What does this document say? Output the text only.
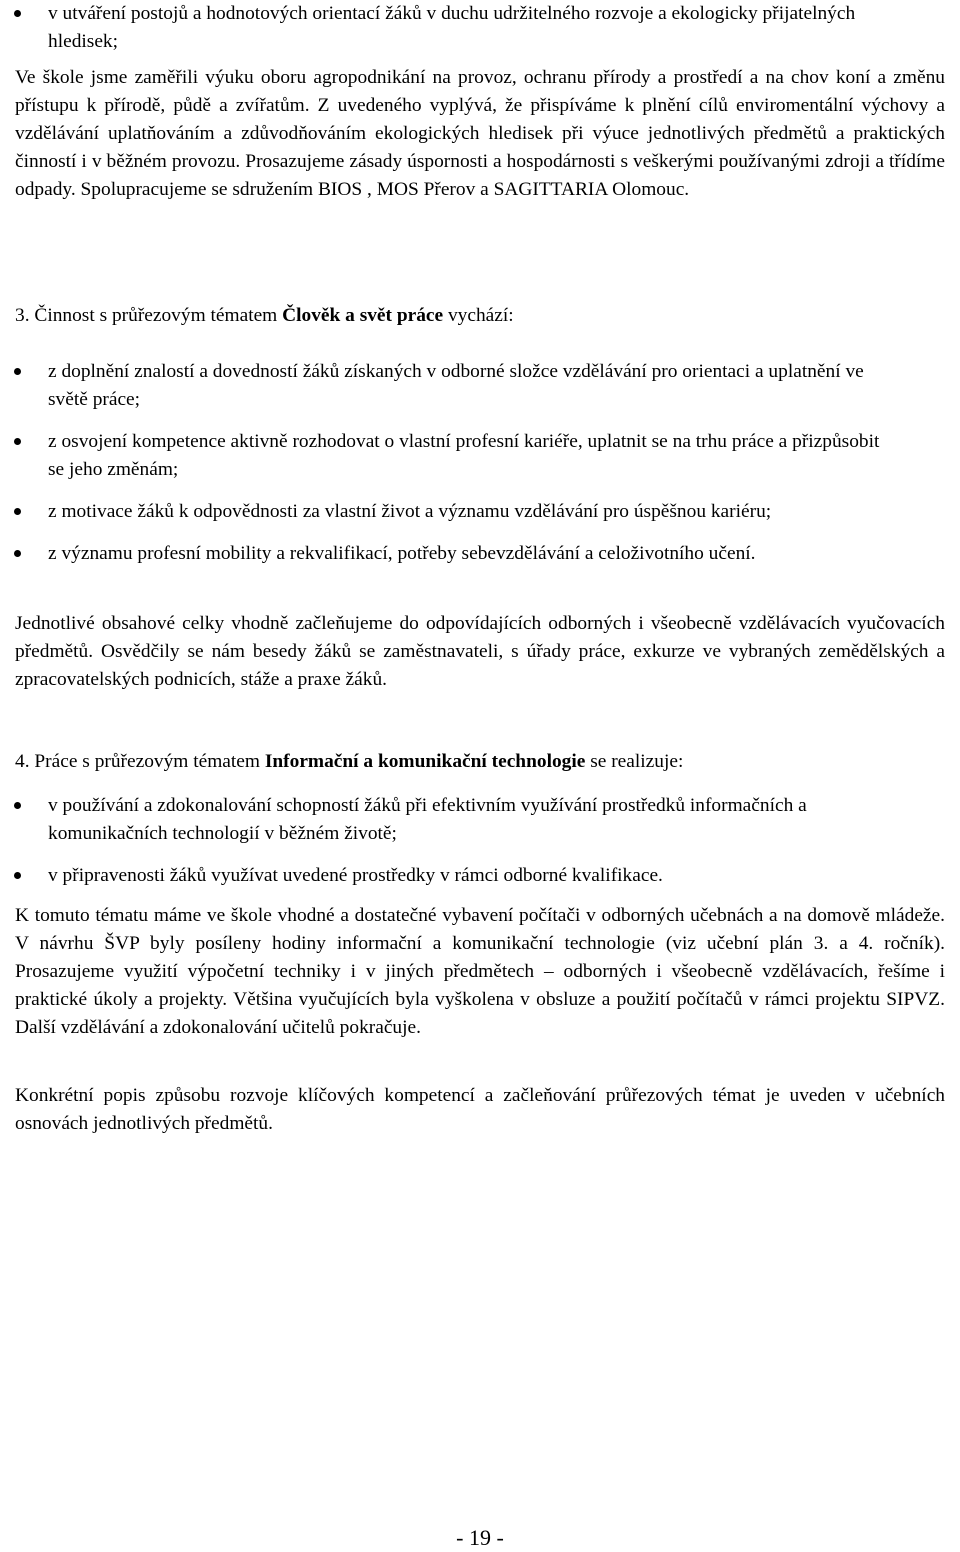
v utváření postojů a hodnotových orientací žáků v duchu udržitelného rozvoje a ekologicky přijatelných hledisek;

Ve škole jsme zaměřili výuku oboru agropodnikání na provoz, ochranu přírody a prostředí a na chov koní a změnu přístupu k přírodě, půdě a zvířatům. Z uvedeného vyplývá, že přispíváme k plnění cílů enviromentální výchovy a vzdělávání uplatňováním a zdůvodňováním ekologických hledisek při výuce jednotlivých předmětů a praktických činností i v běžném provozu. Prosazujeme zásady úspornosti a hospodárnosti s veškerými používanými zdroji a třídíme odpady. Spolupracujeme se sdružením BIOS , MOS Přerov a SAGITTARIA Olomouc.

3. Činnost s průřezovým tématem Člověk a svět práce vychází:

z doplnění znalostí a dovedností žáků získaných v odborné složce vzdělávání pro orientaci a uplatnění ve světě práce;
z osvojení kompetence aktivně rozhodovat o vlastní profesní kariéře, uplatnit se na trhu práce a přizpůsobit se jeho změnám;
z motivace žáků k odpovědnosti za vlastní život a významu vzdělávání pro úspěšnou kariéru;
z významu profesní mobility a rekvalifikací, potřeby sebevzdělávání a celoživotního učení.

Jednotlivé obsahové celky vhodně začleňujeme do odpovídajících odborných i všeobecně vzdělávacích vyučovacích předmětů. Osvědčily se nám besedy žáků se zaměstnavateli, s úřady práce, exkurze ve vybraných zemědělských a zpracovatelských podnicích, stáže a praxe žáků.

4. Práce s průřezovým tématem Informační a komunikační technologie se realizuje:

v používání a zdokonalování schopností žáků při efektivním využívání prostředků informačních a komunikačních technologií v běžném životě;
v připravenosti žáků využívat uvedené prostředky v rámci odborné kvalifikace.

K tomuto tématu máme ve škole vhodné a dostatečné vybavení počítači v odborných učebnách a na domově mládeže. V návrhu ŠVP byly posíleny hodiny informační a komunikační technologie (viz učební plán 3. a 4. ročník). Prosazujeme využití výpočetní techniky i v jiných předmětech – odborných i všeobecně vzdělávacích, řešíme i praktické úkoly a projekty. Většina vyučujících byla vyškolena v obsluze a použití počítačů v rámci projektu SIPVZ. Další vzdělávání a zdokonalování učitelů pokračuje.

Konkrétní popis způsobu rozvoje klíčových kompetencí a začleňování průřezových témat je uveden v učebních osnovách jednotlivých předmětů.

- 19 -
